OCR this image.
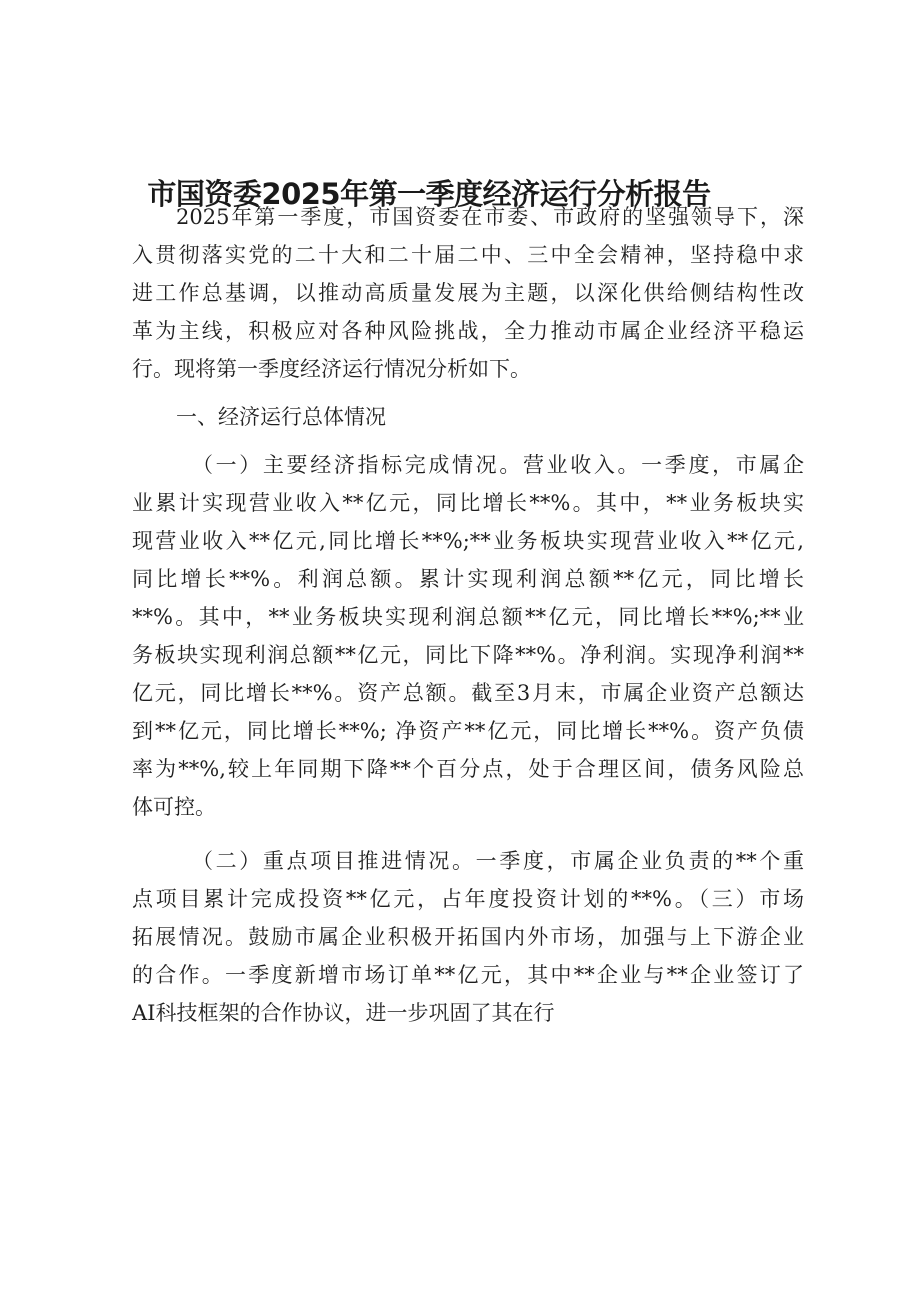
市国资委2025年第一季度经济运行分析报告
2025年第一季度，市国资委在市委、市政府的坚强领导下，深
入贯彻落实党的二十大和二十届二中、三中全会精神，坚持稳中求
进工作总基调，以推动高质量发展为主题，以深化供给侧结构性改
革为主线，积极应对各种风险挑战，全力推动市属企业经济平稳运
行。现将第一季度经济运行情况分析如下。
一、经济运行总体情况
（一）主要经济指标完成情况。营业收入。一季度，市属企
业累计实现营业收入**亿元，同比增长**%。其中，**业务板块实
现营业收入**亿元,同比增长**%;**业务板块实现营业收入**亿元,
同比增长**%。利润总额。累计实现利润总额**亿元，同比增长
**%。其中，**业务板块实现利润总额**亿元，同比增长**%;**业
务板块实现利润总额**亿元，同比下降**%。净利润。实现净利润**
亿元，同比增长**%。资产总额。截至3月末，市属企业资产总额达
到**亿元，同比增长**%; 净资产**亿元，同比增长**%。资产负债
率为**%,较上年同期下降**个百分点，处于合理区间，债务风险总
体可控。
（二）重点项目推进情况。一季度，市属企业负责的**个重
点项目累计完成投资**亿元，占年度投资计划的**%。（三）市场
拓展情况。鼓励市属企业积极开拓国内外市场，加强与上下游企业
的合作。一季度新增市场订单**亿元，其中**企业与**企业签订了
AI科技框架的合作协议，进一步巩固了其在行
